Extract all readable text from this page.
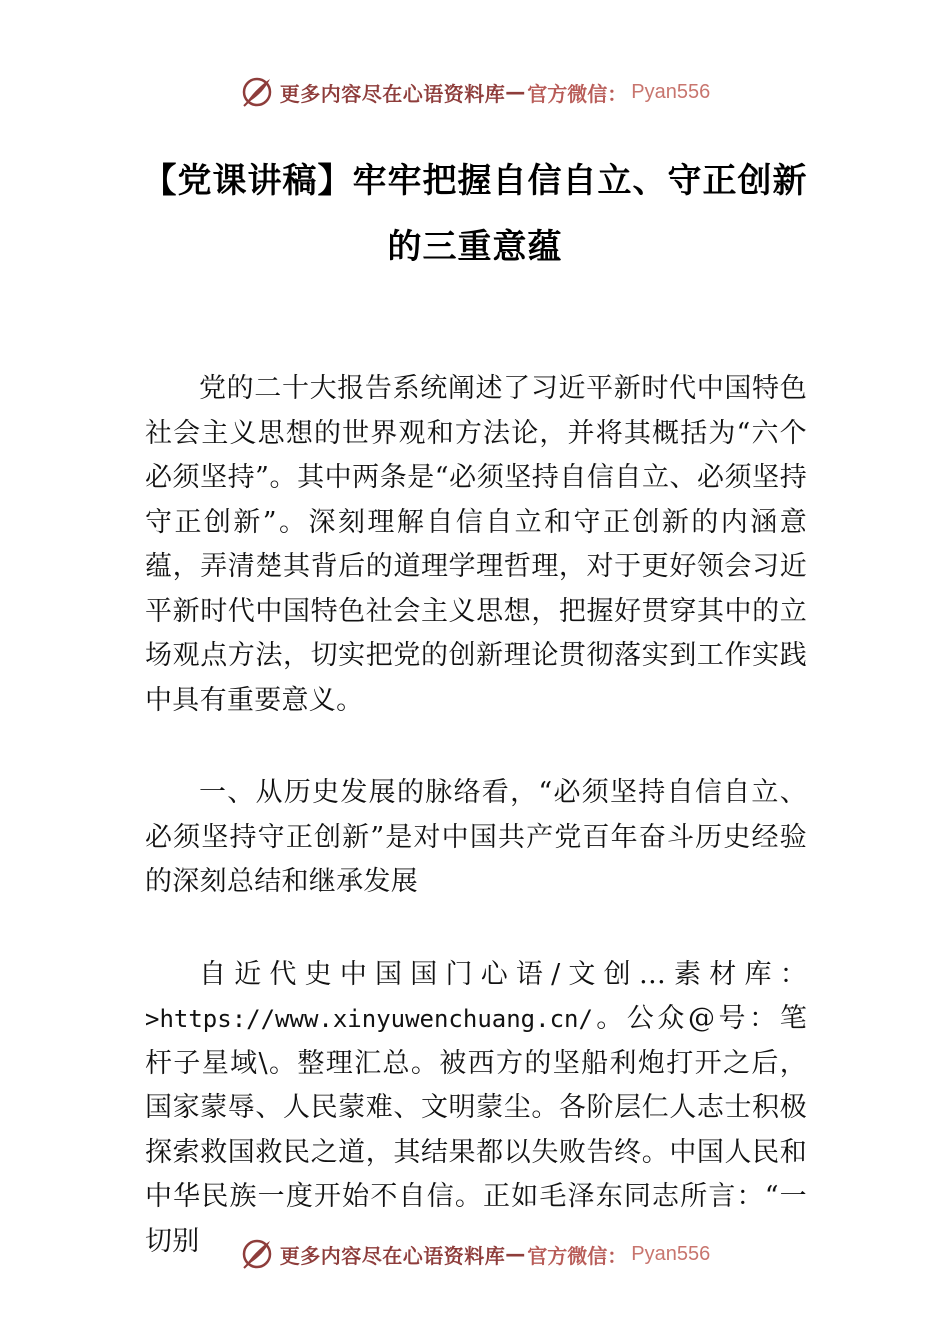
更多内容尽在心语资料库 — 官方微信： Pyan556
【党课讲稿】牢牢把握自信自立、守正创新的三重意蕴

党的二十大报告系统阐述了习近平新时代中国特色社会主义思想的世界观和方法论，并将其概括为“六个必须坚持”。其中两条是“必须坚持自信自立、必须坚持守正创新”。深刻理解自信自立和守正创新的内涵意蕴，弄清楚其背后的道理学理哲理，对于更好领会习近平新时代中国特色社会主义思想，把握好贯穿其中的立场观点方法，切实把党的创新理论贯彻落实到工作实践中具有重要意义。

一、从历史发展的脉络看，“必须坚持自信自立、必须坚持守正创新”是对中国共产党百年奋斗历史经验的深刻总结和继承发展

自近代史中国国门心语/文创…素材库：>https://www.xinyuwenchuang.cn/。公众@号：笔杆子星域\。整理汇总。被西方的坚船利炮打开之后，国家蒙辱、人民蒙难、文明蒙尘。各阶层仁人志士积极探索救国救民之道，其结果都以失败告终。中国人民和中华民族一度开始不自信。正如毛泽东同志所言：“一切别	更多内容尽在心语资料库 — 官方微信： Pyan556
